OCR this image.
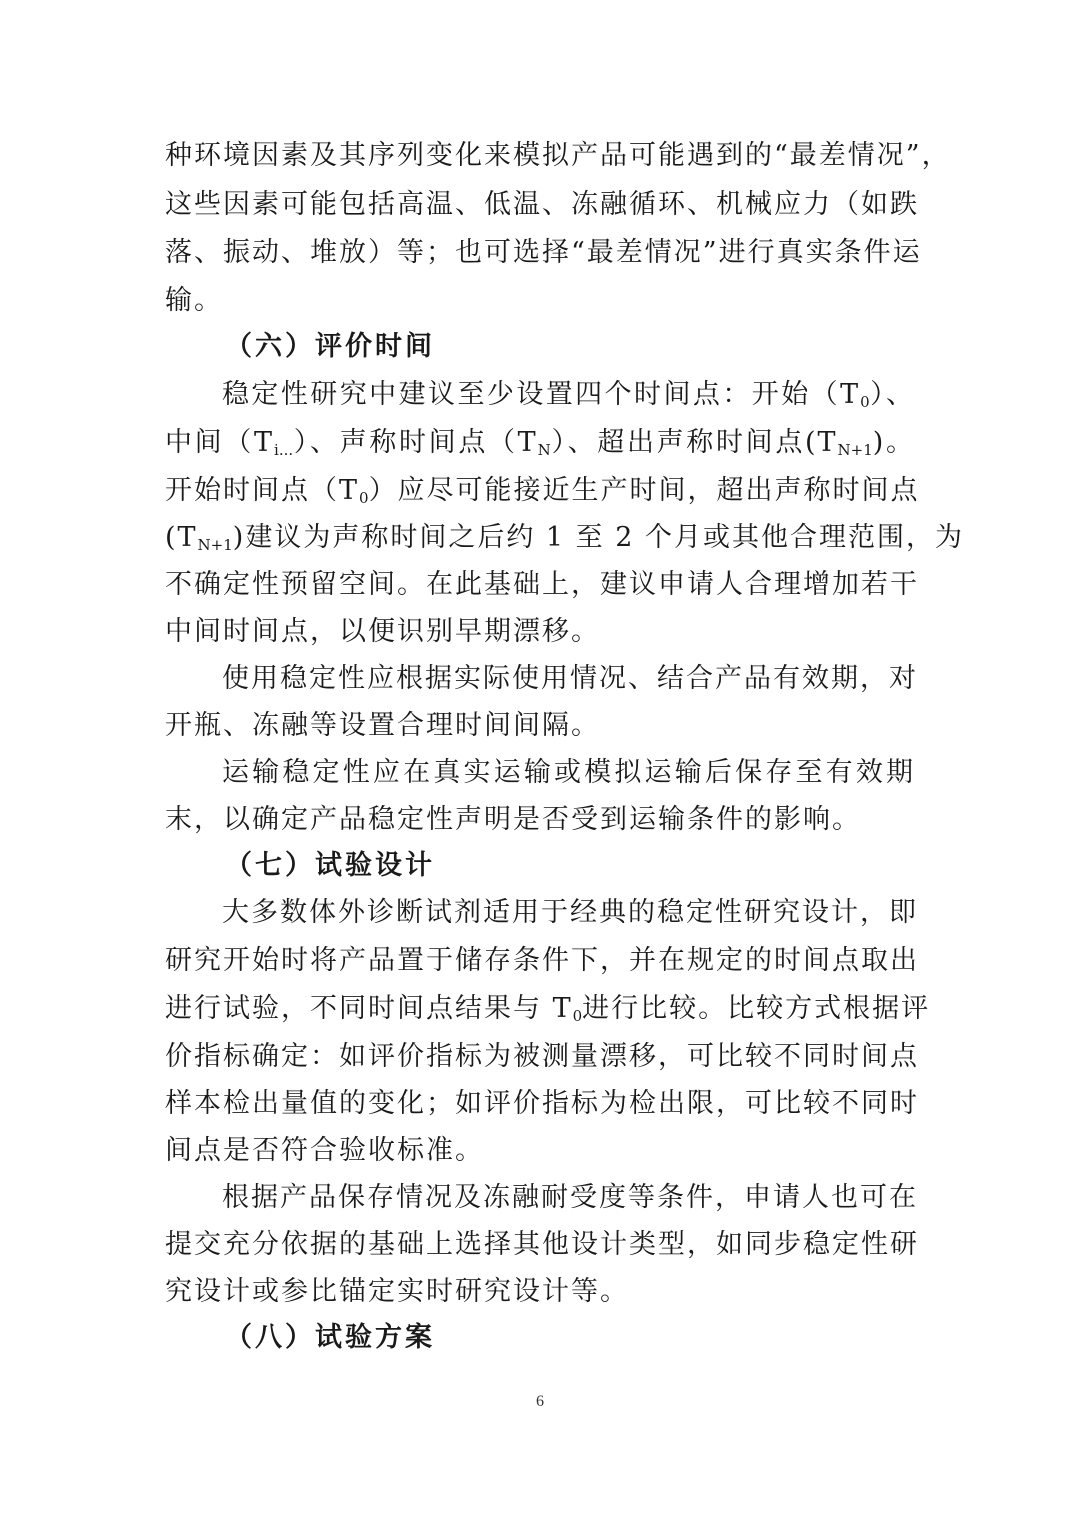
种环境因素及其序列变化来模拟产品可能遇到的“最差情况”，
这些因素可能包括高温、低温、冻融循环、机械应力（如跌
落、振动、堆放）等；也可选择“最差情况”进行真实条件运
输。
（六）评价时间
稳定性研究中建议至少设置四个时间点：开始$(T_0)$、
中间$(T_{i...})$、声称时间点$(T_N)$、超出声称时间点$(T_{N+1})$。
开始时间点$(T_0)$应尽可能接近生产时间，超出声称时间点
$(T_{N+1})$建议为声称时间之后约 1 至 2 个月或其他合理范围，为
不确定性预留空间。在此基础上，建议申请人合理增加若干
中间时间点，以便识别早期漂移。
使用稳定性应根据实际使用情况、结合产品有效期，对
开瓶、冻融等设置合理时间间隔。
运输稳定性应在真实运输或模拟运输后保存至有效期
末，以确定产品稳定性声明是否受到运输条件的影响。
（七）试验设计
大多数体外诊断试剂适用于经典的稳定性研究设计，即
研究开始时将产品置于储存条件下，并在规定的时间点取出
进行试验，不同时间点结果与 $T_0$进行比较。比较方式根据评
价指标确定：如评价指标为被测量漂移，可比较不同时间点
样本检出量值的变化；如评价指标为检出限，可比较不同时
间点是否符合验收标准。
根据产品保存情况及冻融耐受度等条件，申请人也可在
提交充分依据的基础上选择其他设计类型，如同步稳定性研
究设计或参比锚定实时研究设计等。
（八）试验方案
6
